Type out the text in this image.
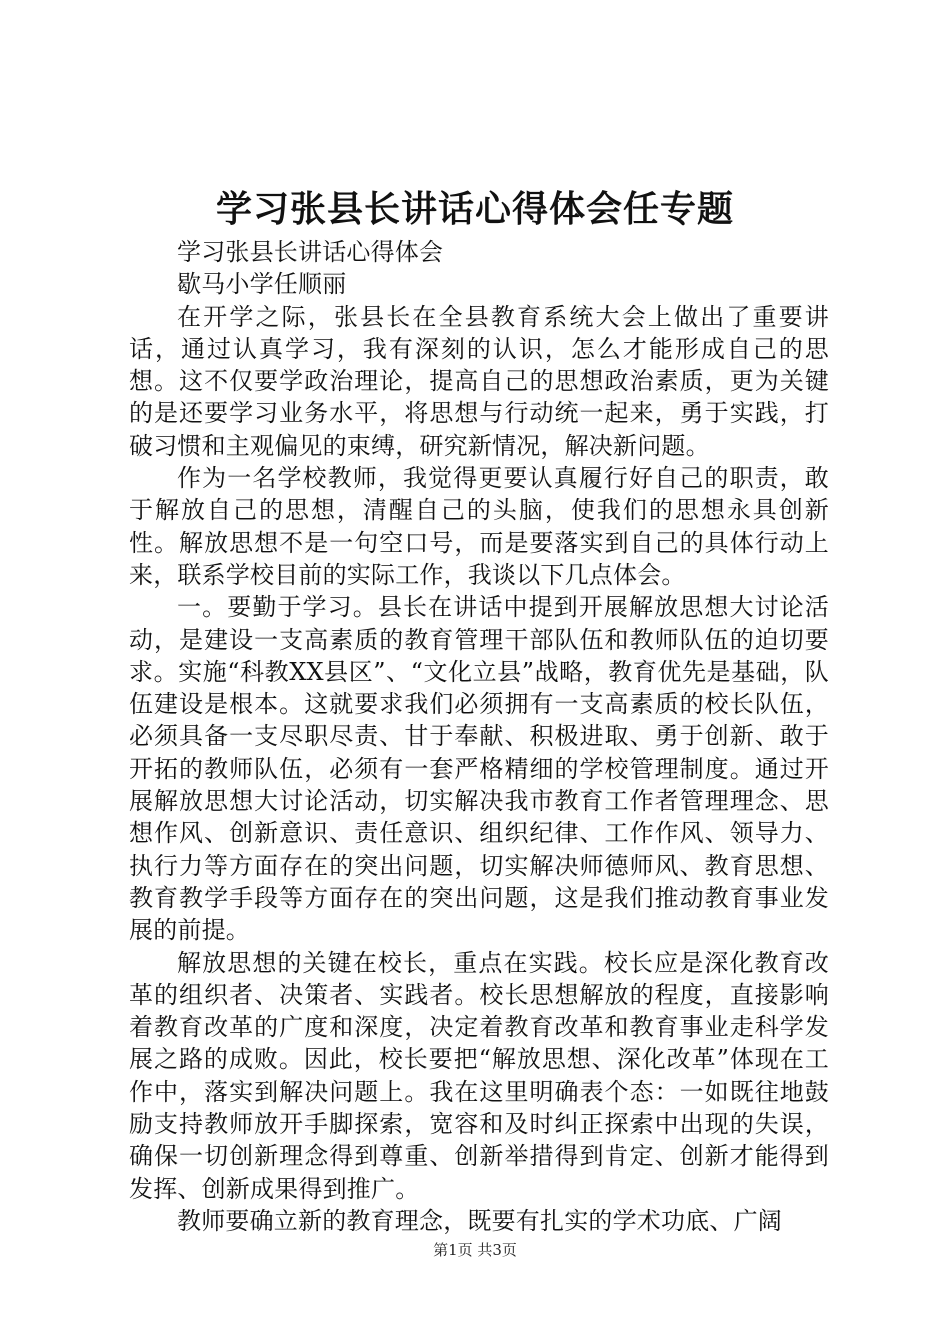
学习张县长讲话心得体会任专题

学习张县长讲话心得体会

歇马小学任顺丽

在开学之际，张县长在全县教育系统大会上做出了重要讲话，通过认真学习，我有深刻的认识，怎么才能形成自己的思想。这不仅要学政治理论，提高自己的思想政治素质，更为关键的是还要学习业务水平，将思想与行动统一起来，勇于实践，打破习惯和主观偏见的束缚，研究新情况，解决新问题。

作为一名学校教师，我觉得更要认真履行好自己的职责，敢于解放自己的思想，清醒自己的头脑，使我们的思想永具创新性。解放思想不是一句空口号，而是要落实到自己的具体行动上来，联系学校目前的实际工作，我谈以下几点体会。

一。要勤于学习。县长在讲话中提到开展解放思想大讨论活动，是建设一支高素质的教育管理干部队伍和教师队伍的迫切要求。实施“科教XX县区”、“文化立县”战略，教育优先是基础，队伍建设是根本。这就要求我们必须拥有一支高素质的校长队伍，必须具备一支尽职尽责、甘于奉献、积极进取、勇于创新、敢于开拓的教师队伍，必须有一套严格精细的学校管理制度。通过开展解放思想大讨论活动，切实解决我市教育工作者管理理念、思想作风、创新意识、责任意识、组织纪律、工作作风、领导力、执行力等方面存在的突出问题，切实解决师德师风、教育思想、教育教学手段等方面存在的突出问题，这是我们推动教育事业发展的前提。

解放思想的关键在校长，重点在实践。校长应是深化教育改革的组织者、决策者、实践者。校长思想解放的程度，直接影响着教育改革的广度和深度，决定着教育改革和教育事业走科学发展之路的成败。因此，校长要把“解放思想、深化改革”体现在工作中，落实到解决问题上。我在这里明确表个态：一如既往地鼓励支持教师放开手脚探索，宽容和及时纠正探索中出现的失误，确保一切创新理念得到尊重、创新举措得到肯定、创新才能得到发挥、创新成果得到推广。

教师要确立新的教育理念，既要有扎实的学术功底、广阔

第1页 共3页
